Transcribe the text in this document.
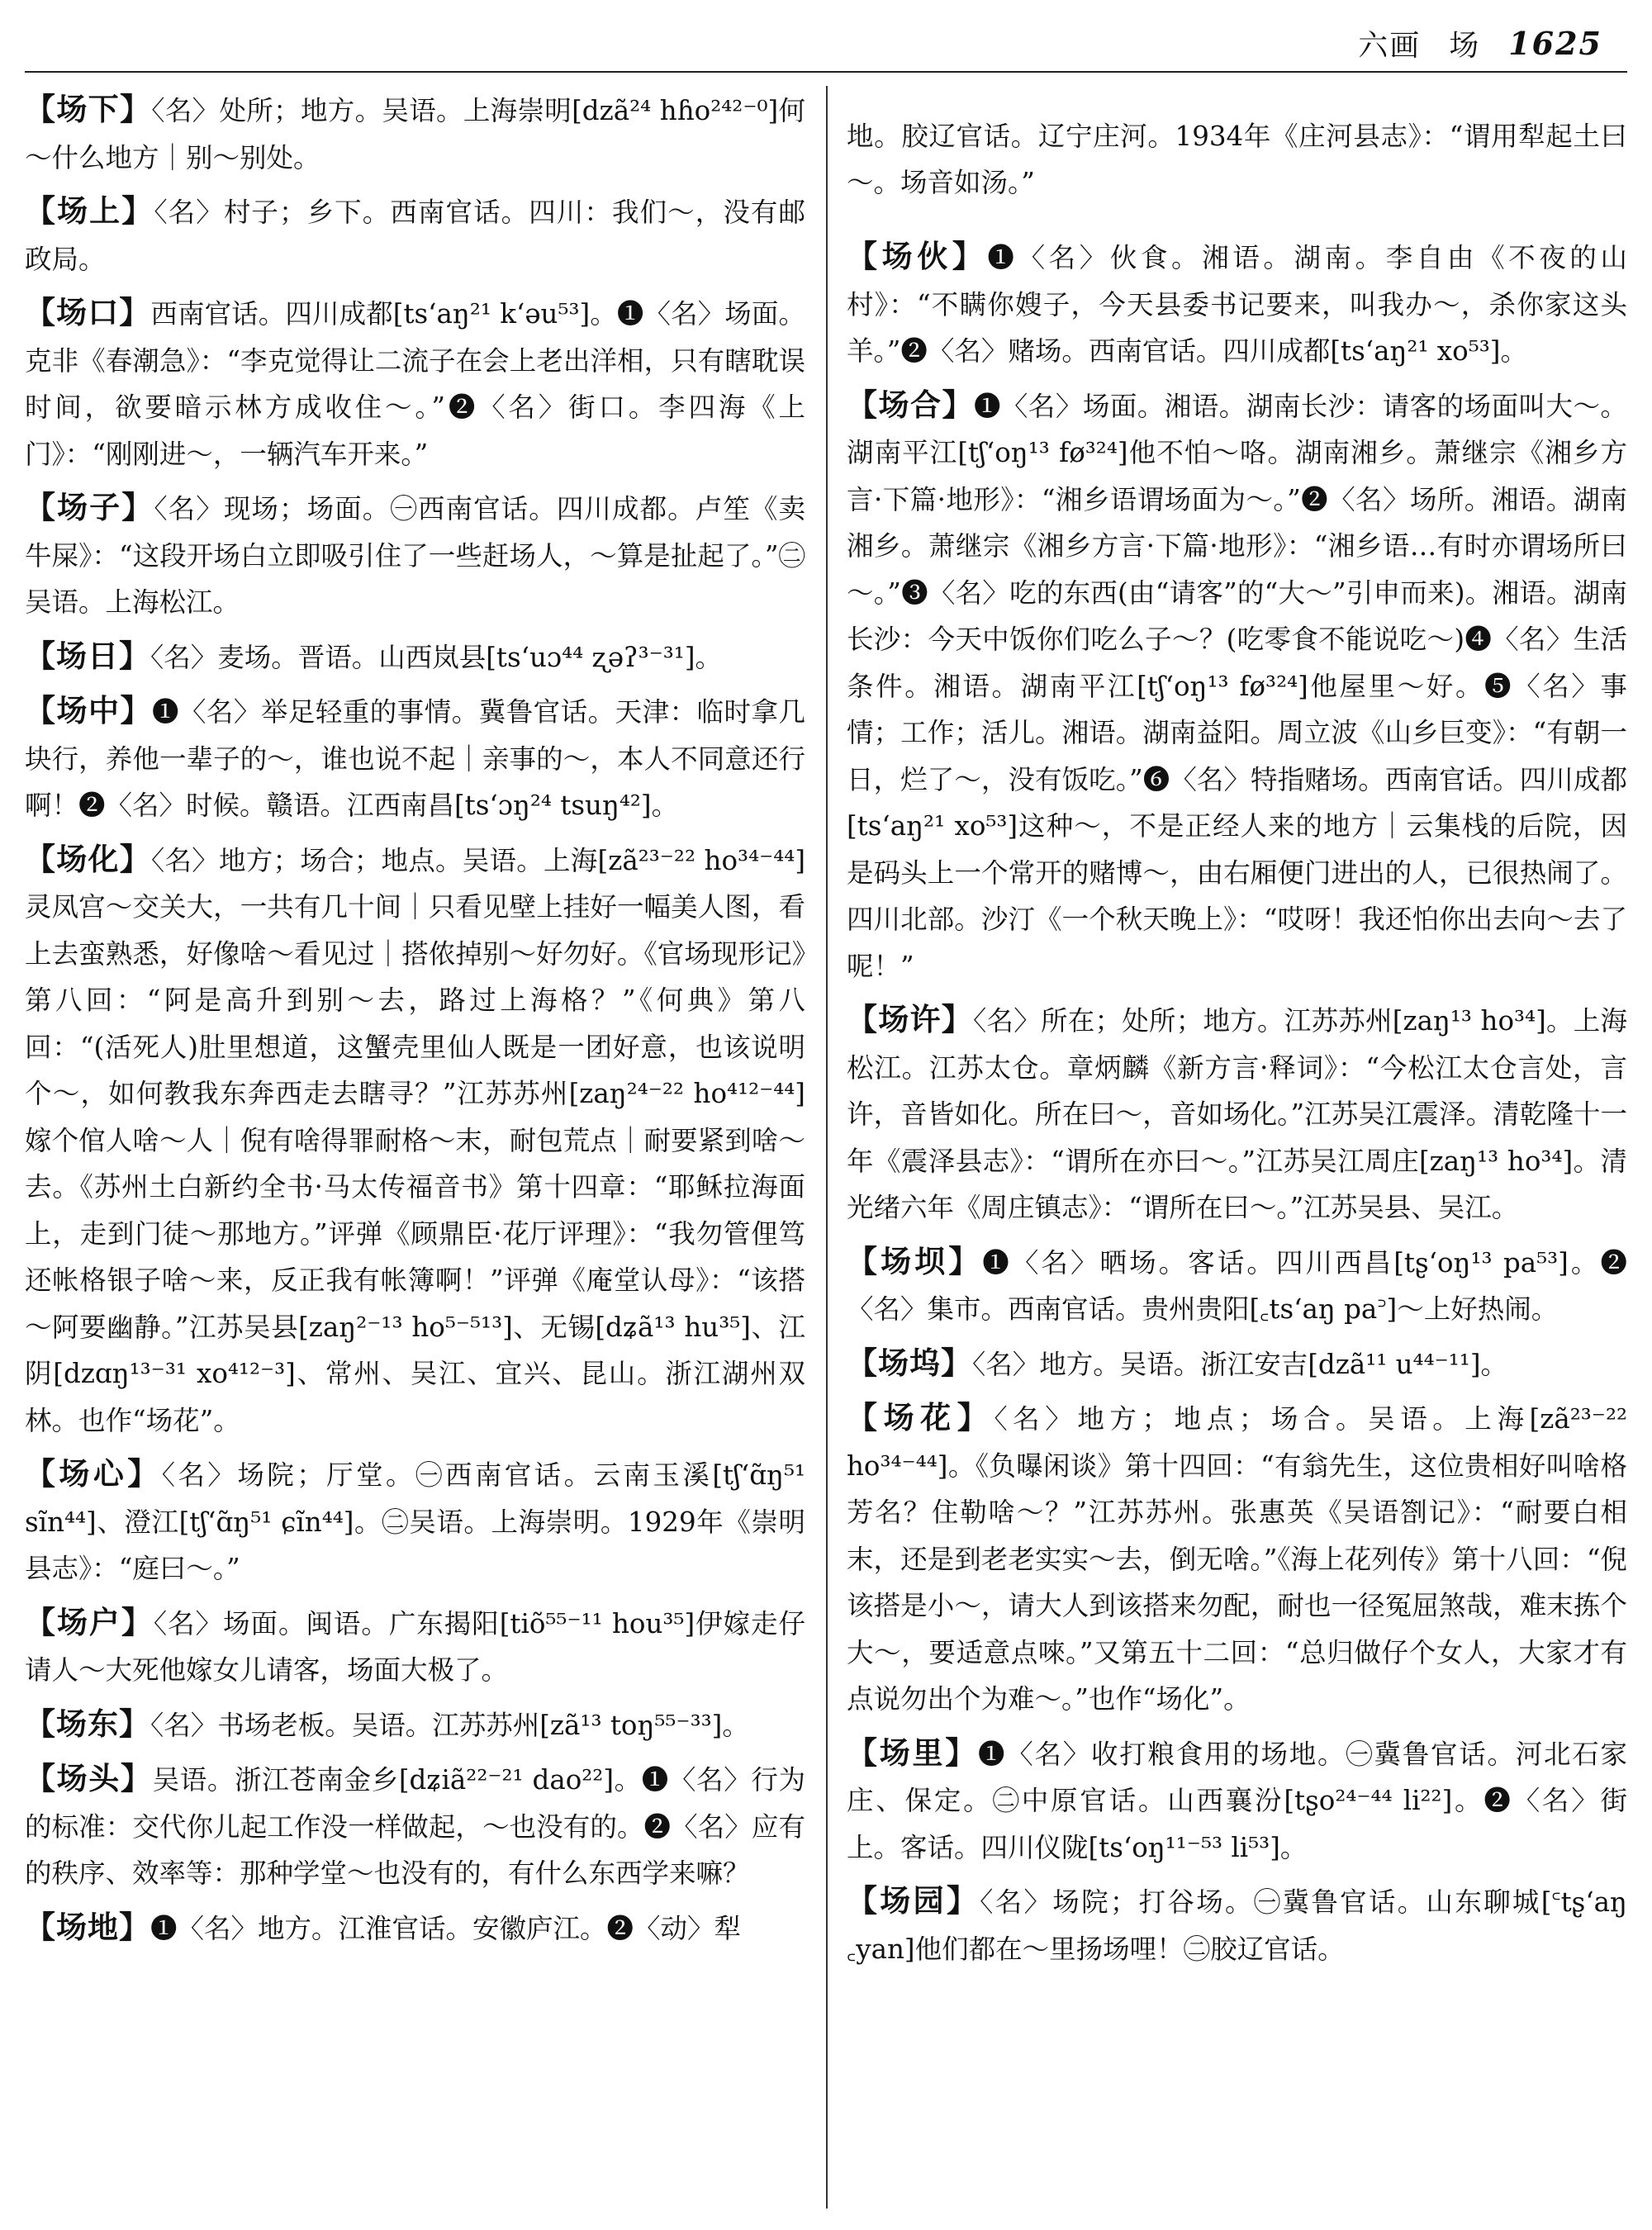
六画 场 1625

【场下】〈名〉处所；地方。吴语。上海崇明[dzã²⁴ hɦo²⁴²⁻⁰]何～什么地方｜别～别处。

【场上】〈名〉村子；乡下。西南官话。四川：我们～，没有邮政局。

【场口】西南官话。四川成都[ts‘aŋ²¹ k‘əu⁵³]。❶〈名〉场面。克非《春潮急》：“李克觉得让二流子在会上老出洋相，只有瞎耽误时间，欲要暗示林方成收住～。”❷〈名〉街口。李四海《上门》：“刚刚进～，一辆汽车开来。”

【场子】〈名〉现场；场面。㊀西南官话。四川成都。卢笙《卖牛屎》：“这段开场白立即吸引住了一些赶场人，～算是扯起了。”㊁吴语。上海松江。

【场日】〈名〉麦场。晋语。山西岚县[ts‘uɔ⁴⁴ ʐəʔ³⁻³¹]。

【场中】❶〈名〉举足轻重的事情。冀鲁官话。天津：临时拿几块行，养他一辈子的～，谁也说不起｜亲事的～，本人不同意还行啊！❷〈名〉时候。赣语。江西南昌[ts‘ɔŋ²⁴ tsuŋ⁴²]。

【场化】〈名〉地方；场合；地点。吴语。上海[zã²³⁻²² ho³⁴⁻⁴⁴]灵凤宫～交关大，一共有几十间｜只看见壁上挂好一幅美人图，看上去蛮熟悉，好像啥～看见过｜搭侬掉别～好勿好。《官场现形记》第八回：“阿是高升到别～去，路过上海格？”《何典》第八回：“(活死人)肚里想道，这蟹壳里仙人既是一团好意，也该说明个～，如何教我东奔西走去瞎寻？”江苏苏州[zaŋ²⁴⁻²² ho⁴¹²⁻⁴⁴]嫁个倌人啥～人｜倪有啥得罪耐格～末，耐包荒点｜耐要紧到啥～去。《苏州土白新约全书·马太传福音书》第十四章：“耶稣拉海面上，走到门徒～那地方。”评弹《顾鼎臣·花厅评理》：“我勿管俚笃还帐格银子啥～来，反正我有帐簿啊！”评弹《庵堂认母》：“该搭～阿要幽静。”江苏吴县[zaŋ²⁻¹³ ho⁵⁻⁵¹³]、无锡[dʑã¹³ hu³⁵]、江阴[dzɑŋ¹³⁻³¹ xo⁴¹²⁻³]、常州、吴江、宜兴、昆山。浙江湖州双林。也作“场花”。

【场心】〈名〉场院；厅堂。㊀西南官话。云南玉溪[tʃ‘ɑ̃ŋ⁵¹ sĩn⁴⁴]、澄江[tʃ‘ɑ̃ŋ⁵¹ ɕĩn⁴⁴]。㊁吴语。上海崇明。1929年《崇明县志》：“庭曰～。”

【场户】〈名〉场面。闽语。广东揭阳[tiõ⁵⁵⁻¹¹ hou³⁵]伊嫁走仔请人～大死他嫁女儿请客，场面大极了。

【场东】〈名〉书场老板。吴语。江苏苏州[zã¹³ toŋ⁵⁵⁻³³]。

【场头】吴语。浙江苍南金乡[dʑiã²²⁻²¹ dao²²]。❶〈名〉行为的标准：交代你儿起工作没一样做起，～也没有的。❷〈名〉应有的秩序、效率等：那种学堂～也没有的，有什么东西学来嘛？

【场地】❶〈名〉地方。江淮官话。安徽庐江。❷〈动〉犁

地。胶辽官话。辽宁庄河。1934年《庄河县志》：“谓用犁起土曰～。场音如汤。”

【场伙】❶〈名〉伙食。湘语。湖南。李自由《不夜的山村》：“不瞒你嫂子，今天县委书记要来，叫我办～，杀你家这头羊。”❷〈名〉赌场。西南官话。四川成都[ts‘aŋ²¹ xo⁵³]。

【场合】❶〈名〉场面。湘语。湖南长沙：请客的场面叫大～。湖南平江[tʃ‘oŋ¹³ fø³²⁴]他不怕～咯。湖南湘乡。萧继宗《湘乡方言·下篇·地形》：“湘乡语谓场面为～。”❷〈名〉场所。湘语。湖南湘乡。萧继宗《湘乡方言·下篇·地形》：“湘乡语…有时亦谓场所曰～。”❸〈名〉吃的东西(由“请客”的“大～”引申而来)。湘语。湖南长沙：今天中饭你们吃么子～？(吃零食不能说吃～)❹〈名〉生活条件。湘语。湖南平江[tʃ‘oŋ¹³ fø³²⁴]他屋里～好。❺〈名〉事情；工作；活儿。湘语。湖南益阳。周立波《山乡巨变》：“有朝一日，烂了～，没有饭吃。”❻〈名〉特指赌场。西南官话。四川成都[ts‘aŋ²¹ xo⁵³]这种～，不是正经人来的地方｜云集栈的后院，因是码头上一个常开的赌博～，由右厢便门进出的人，已很热闹了。四川北部。沙汀《一个秋天晚上》：“哎呀！我还怕你出去向～去了呢！”

【场许】〈名〉所在；处所；地方。江苏苏州[zaŋ¹³ ho³⁴]。上海松江。江苏太仓。章炳麟《新方言·释词》：“今松江太仓言处，言许，音皆如化。所在曰～，音如场化。”江苏吴江震泽。清乾隆十一年《震泽县志》：“谓所在亦曰～。”江苏吴江周庄[zaŋ¹³ ho³⁴]。清光绪六年《周庄镇志》：“谓所在曰～。”江苏吴县、吴江。

【场坝】❶〈名〉晒场。客话。四川西昌[tʂ‘oŋ¹³ pa⁵³]。❷〈名〉集市。西南官话。贵州贵阳[꜀ts‘aŋ pa꜄]～上好热闹。

【场坞】〈名〉地方。吴语。浙江安吉[dzã¹¹ u⁴⁴⁻¹¹]。

【场花】〈名〉地方；地点；场合。吴语。上海[zã²³⁻²² ho³⁴⁻⁴⁴]。《负曝闲谈》第十四回：“有翁先生，这位贵相好叫啥格芳名？住勒啥～？”江苏苏州。张惠英《吴语劄记》：“耐要白相末，还是到老老实实～去，倒无啥。”《海上花列传》第十八回：“倪该搭是小～，请大人到该搭来勿配，耐也一径冤屈煞哉，难末拣个大～，要适意点唻。”又第五十二回：“总归做仔个女人，大家才有点说勿出个为难～。”也作“场化”。

【场里】❶〈名〉收打粮食用的场地。㊀冀鲁官话。河北石家庄、保定。㊁中原官话。山西襄汾[tʂo²⁴⁻⁴⁴ li²²]。❷〈名〉街上。客话。四川仪陇[ts‘oŋ¹¹⁻⁵³ li⁵³]。

【场园】〈名〉场院；打谷场。㊀冀鲁官话。山东聊城[꜂tʂ‘aŋ ꜀yan]他们都在～里扬场哩！㊁胶辽官话。
